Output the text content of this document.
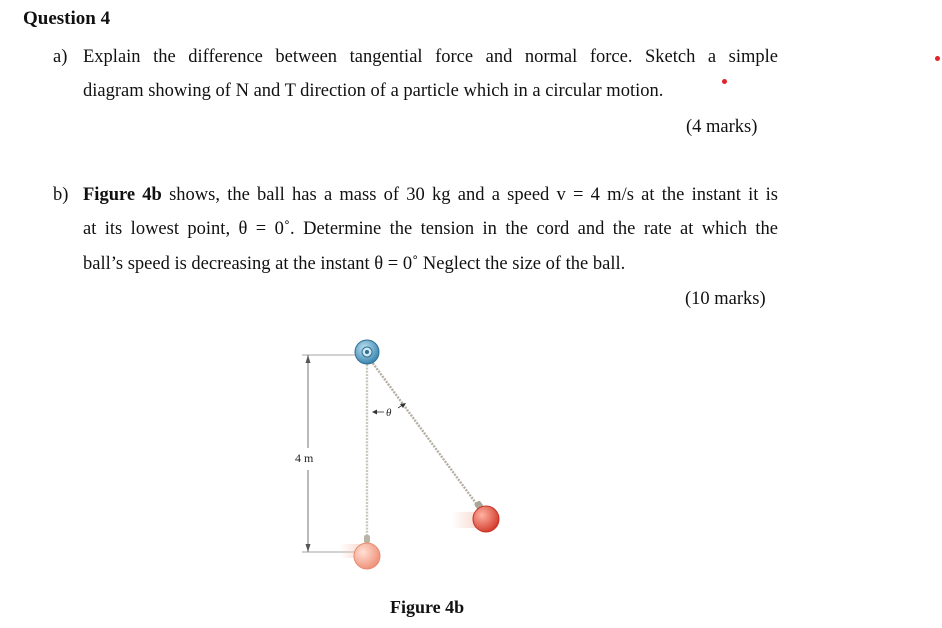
Question 4
a) Explain the difference between tangential force and normal force. Sketch a simple
diagram showing of N and T direction of a particle which in a circular motion.
(4 marks)
b) Figure 4b shows, the ball has a mass of 30 kg and a speed v = 4 m/s at the instant it is
at its lowest point, θ = 0˚. Determine the tension in the cord and the rate at which the
ball’s speed is decreasing at the instant θ = 0˚ Neglect the size of the ball.
(10 marks)
4 m
θ
Figure 4b
